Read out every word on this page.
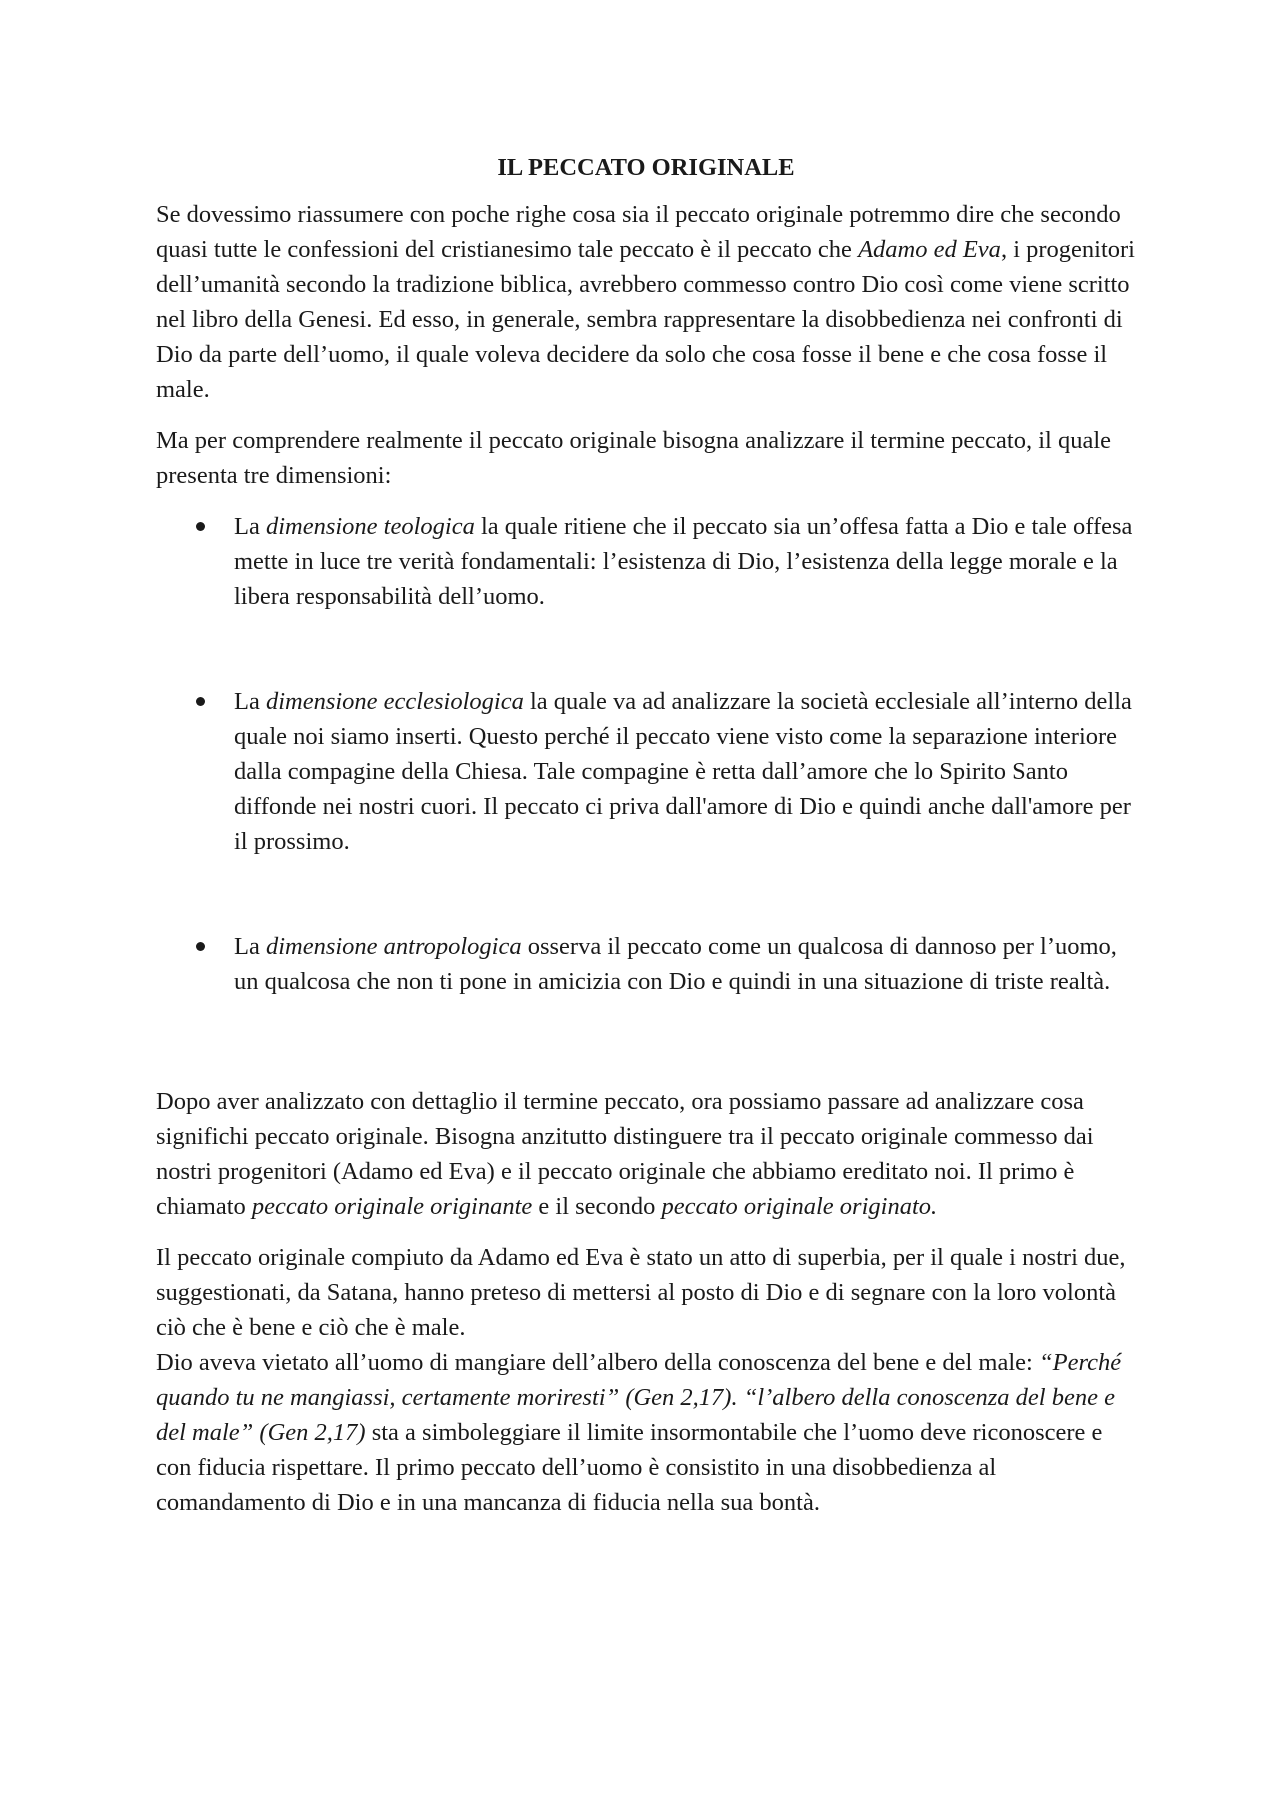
IL PECCATO ORIGINALE

Se dovessimo riassumere con poche righe cosa sia il peccato originale potremmo dire che secondo quasi tutte le confessioni del cristianesimo tale peccato è il peccato che Adamo ed Eva, i progenitori dell’umanità secondo la tradizione biblica, avrebbero commesso contro Dio così come viene scritto nel libro della Genesi. Ed esso, in generale, sembra rappresentare la disobbedienza nei confronti di Dio da parte dell’uomo, il quale voleva decidere da solo che cosa fosse il bene e che cosa fosse il male.

Ma per comprendere realmente il peccato originale bisogna analizzare il termine peccato, il quale presenta tre dimensioni:

La dimensione teologica la quale ritiene che il peccato sia un’offesa fatta a Dio e tale offesa mette in luce tre verità fondamentali: l’esistenza di Dio, l’esistenza della legge morale e la libera responsabilità dell’uomo.
La dimensione ecclesiologica la quale va ad analizzare la società ecclesiale all’interno della quale noi siamo inserti. Questo perché il peccato viene visto come la separazione interiore dalla compagine della Chiesa. Tale compagine è retta dall’amore che lo Spirito Santo diffonde nei nostri cuori. Il peccato ci priva dall'amore di Dio e quindi anche dall'amore per il prossimo.
La dimensione antropologica osserva il peccato come un qualcosa di dannoso per l’uomo, un qualcosa che non ti pone in amicizia con Dio e quindi in una situazione di triste realtà.

Dopo aver analizzato con dettaglio il termine peccato, ora possiamo passare ad analizzare cosa significhi peccato originale. Bisogna anzitutto distinguere tra il peccato originale commesso dai nostri progenitori (Adamo ed Eva) e il peccato originale che abbiamo ereditato noi. Il primo è chiamato peccato originale originante e il secondo peccato originale originato.

Il peccato originale compiuto da Adamo ed Eva è stato un atto di superbia, per il quale i nostri due, suggestionati, da Satana, hanno preteso di mettersi al posto di Dio e di segnare con la loro volontà ciò che è bene e ciò che è male.

Dio aveva vietato all’uomo di mangiare dell’albero della conoscenza del bene e del male: “Perché quando tu ne mangiassi, certamente moriresti” (Gen 2,17). “l’albero della conoscenza del bene e del male” (Gen 2,17) sta a simboleggiare il limite insormontabile che l’uomo deve riconoscere e con fiducia rispettare. Il primo peccato dell’uomo è consistito in una disobbedienza al comandamento di Dio e in una mancanza di fiducia nella sua bontà.
